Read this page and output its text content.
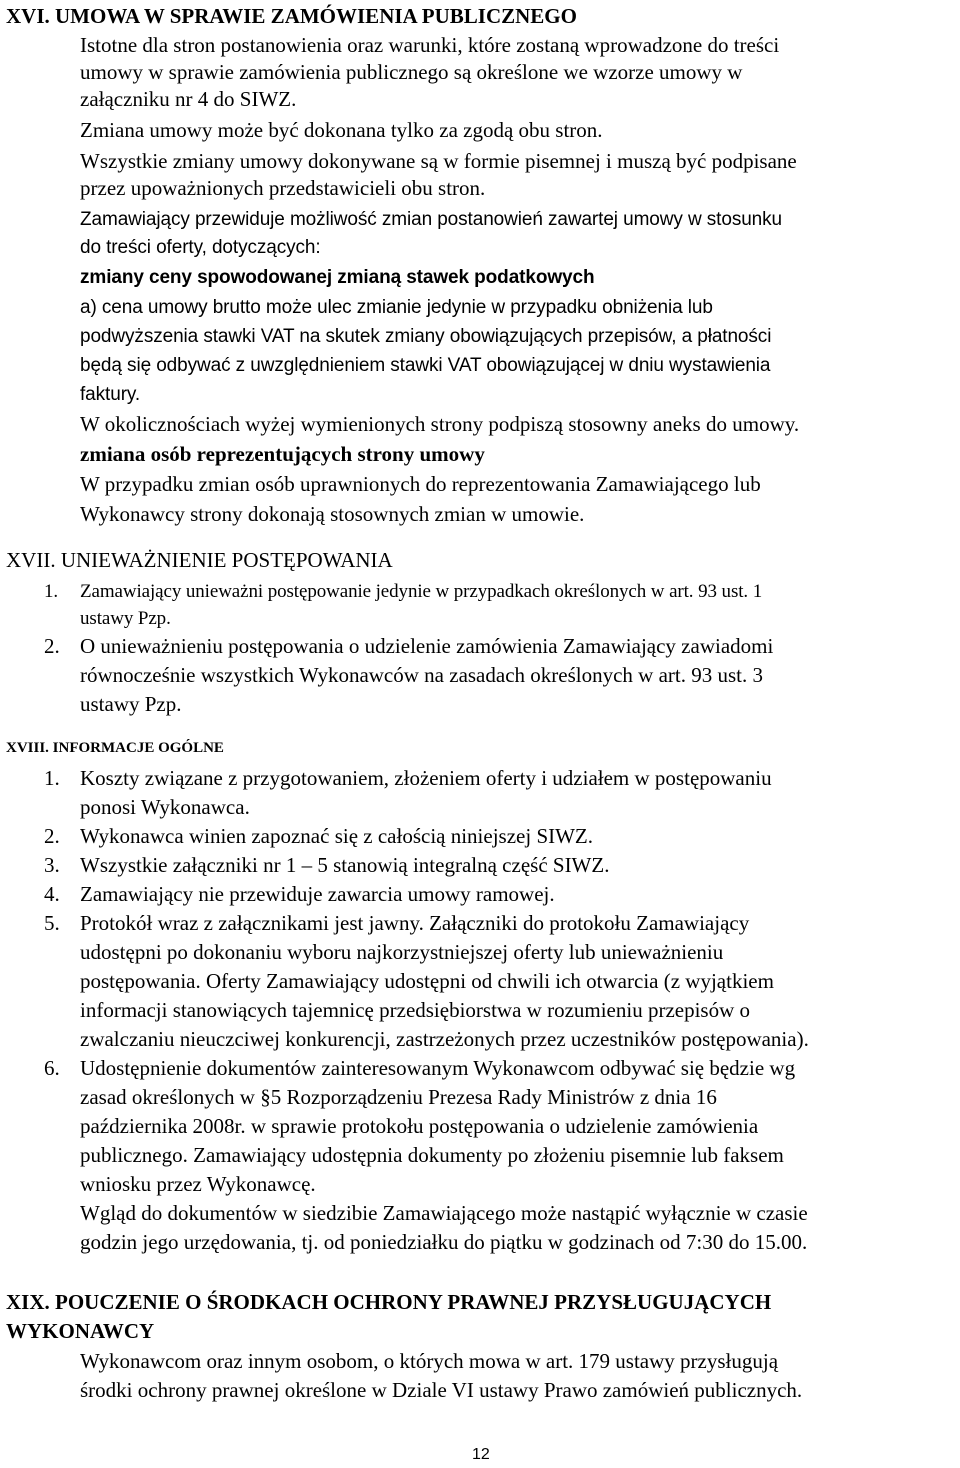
XVI. UMOWA W SPRAWIE ZAMÓWIENIA PUBLICZNEGO
Istotne dla stron postanowienia oraz warunki, które zostaną wprowadzone do treści
umowy w sprawie zamówienia publicznego są określone we wzorze umowy w
załączniku nr 4 do SIWZ.
Zmiana umowy może być dokonana tylko za zgodą obu stron.
Wszystkie zmiany umowy dokonywane są w formie pisemnej i muszą być podpisane
przez upoważnionych przedstawicieli obu stron.
Zamawiający przewiduje możliwość zmian postanowień zawartej umowy w stosunku
do treści oferty, dotyczących:
zmiany ceny spowodowanej zmianą stawek podatkowych
a) cena umowy brutto może ulec zmianie jedynie w przypadku obniżenia lub
podwyższenia stawki VAT na skutek zmiany obowiązujących przepisów, a płatności
będą się odbywać z uwzględnieniem stawki VAT obowiązującej w dniu wystawienia
faktury.
W okolicznościach wyżej wymienionych strony podpiszą stosowny aneks do umowy.
zmiana osób reprezentujących strony umowy
W przypadku zmian osób uprawnionych do reprezentowania Zamawiającego lub
Wykonawcy strony dokonają stosownych zmian w umowie.
XVII. UNIEWAŻNIENIE POSTĘPOWANIA
1. Zamawiający unieważni postępowanie jedynie w przypadkach określonych w art. 93 ust. 1
ustawy Pzp.
2. O unieważnieniu postępowania o udzielenie zamówienia Zamawiający zawiadomi
równocześnie wszystkich Wykonawców na zasadach określonych w art. 93 ust. 3
ustawy Pzp.
XVIII. INFORMACJE OGÓLNE
1. Koszty związane z przygotowaniem, złożeniem oferty i udziałem w postępowaniu
ponosi Wykonawca.
2. Wykonawca winien zapoznać się z całością niniejszej SIWZ.
3. Wszystkie załączniki nr 1 – 5 stanowią integralną część SIWZ.
4. Zamawiający nie przewiduje zawarcia umowy ramowej.
5. Protokół wraz z załącznikami jest jawny. Załączniki do protokołu Zamawiający
udostępni po dokonaniu wyboru najkorzystniejszej oferty lub unieważnieniu
postępowania. Oferty Zamawiający udostępni od chwili ich otwarcia (z wyjątkiem
informacji stanowiących tajemnicę przedsiębiorstwa w rozumieniu przepisów o
zwalczaniu nieuczciwej konkurencji, zastrzeżonych przez uczestników postępowania).
6. Udostępnienie dokumentów zainteresowanym Wykonawcom odbywać się będzie wg
zasad określonych w §5 Rozporządzeniu Prezesa Rady Ministrów z dnia 16
października 2008r. w sprawie protokołu postępowania o udzielenie zamówienia
publicznego. Zamawiający udostępnia dokumenty po złożeniu pisemnie lub faksem
wniosku przez Wykonawcę.
Wgląd do dokumentów w siedzibie Zamawiającego może nastąpić wyłącznie w czasie
godzin jego urzędowania, tj. od poniedziałku do piątku w godzinach od 7:30 do 15.00.
XIX. POUCZENIE O ŚRODKACH OCHRONY PRAWNEJ PRZYSŁUGUJĄCYCH
WYKONAWCY
Wykonawcom oraz innym osobom, o których mowa w art. 179 ustawy przysługują
środki ochrony prawnej określone w Dziale VI ustawy Prawo zamówień publicznych.
12
